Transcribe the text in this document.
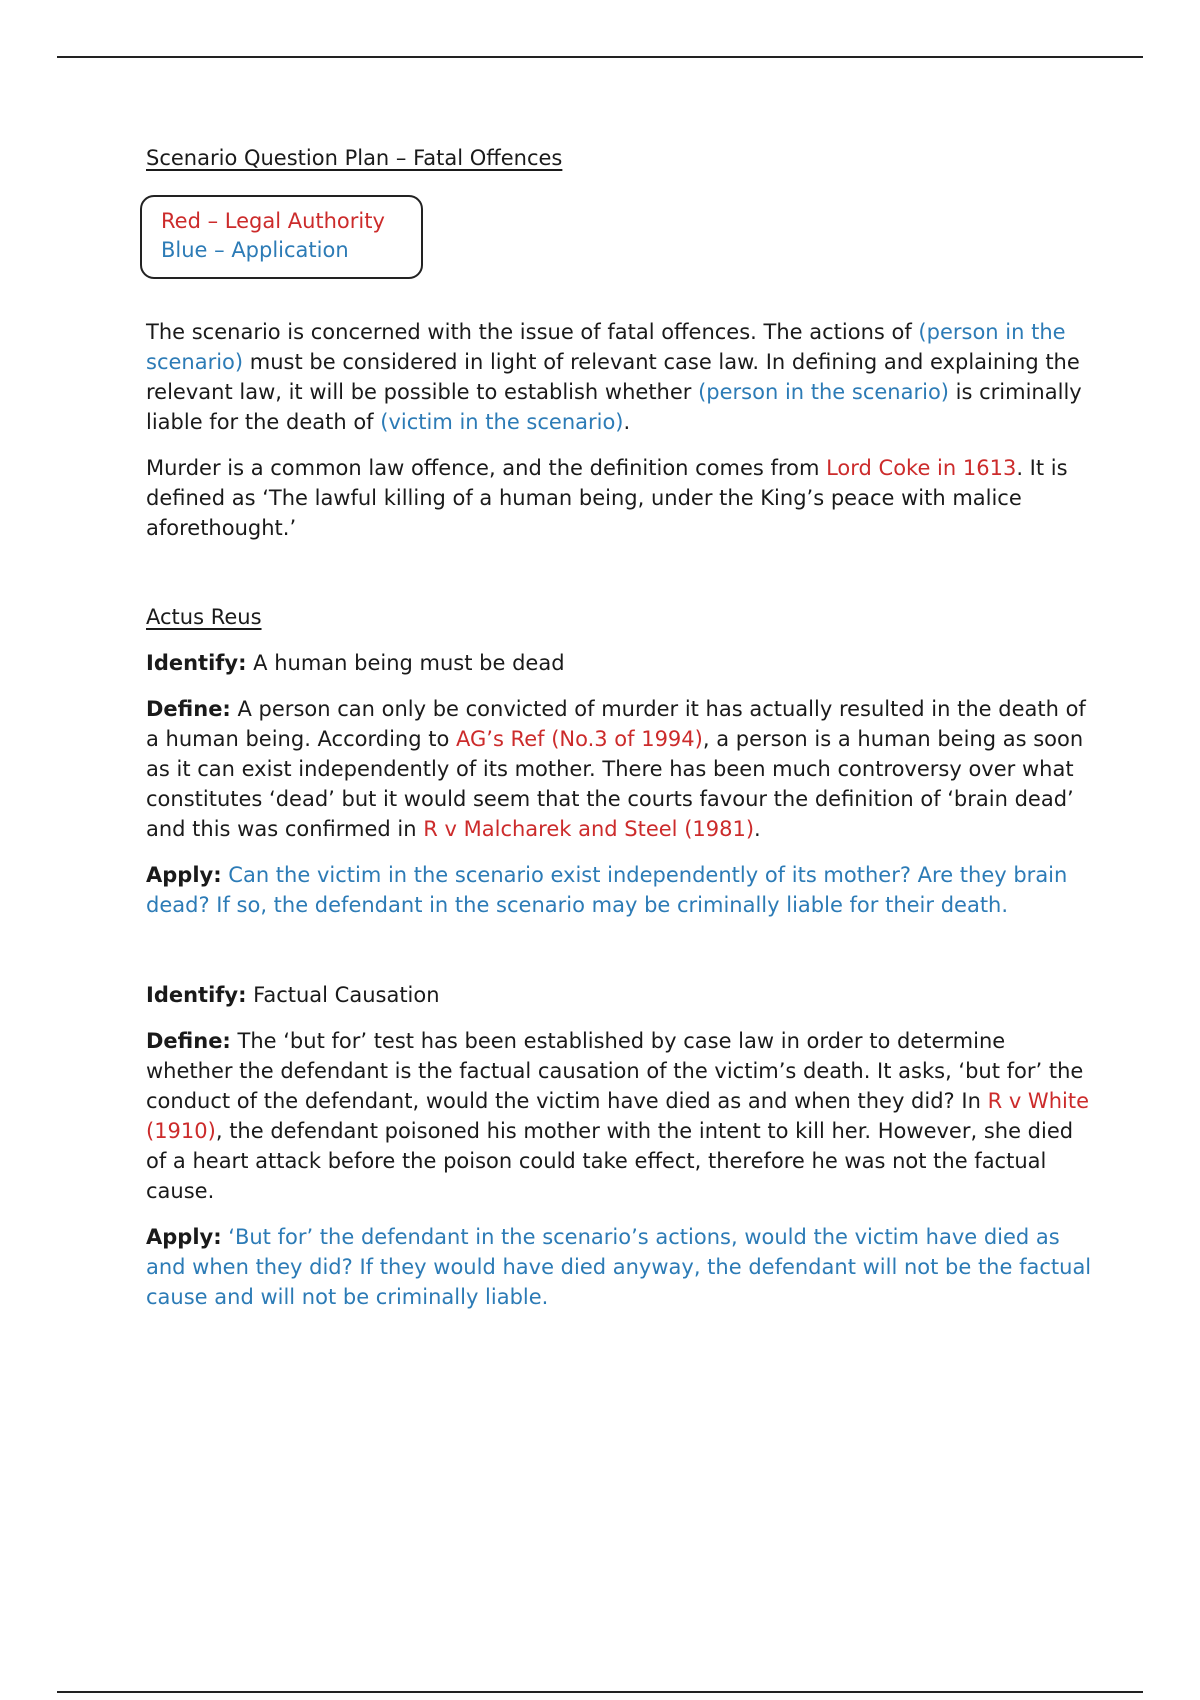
Scenario Question Plan – Fatal Offences
Red – Legal Authority
Blue – Application

The scenario is concerned with the issue of fatal offences. The actions of (person in the scenario) must be considered in light of relevant case law. In defining and explaining the relevant law, it will be possible to establish whether (person in the scenario) is criminally liable for the death of (victim in the scenario).

Murder is a common law offence, and the definition comes from Lord Coke in 1613. It is defined as ‘The lawful killing of a human being, under the King’s peace with malice aforethought.’

Actus Reus

Identify: A human being must be dead

Define: A person can only be convicted of murder it has actually resulted in the death of a human being. According to AG’s Ref (No.3 of 1994), a person is a human being as soon as it can exist independently of its mother. There has been much controversy over what constitutes ‘dead’ but it would seem that the courts favour the definition of ‘brain dead’ and this was confirmed in R v Malcharek and Steel (1981).

Apply: Can the victim in the scenario exist independently of its mother? Are they brain dead? If so, the defendant in the scenario may be criminally liable for their death.

Identify: Factual Causation

Define: The ‘but for’ test has been established by case law in order to determine whether the defendant is the factual causation of the victim’s death. It asks, ‘but for’ the conduct of the defendant, would the victim have died as and when they did? In R v White (1910), the defendant poisoned his mother with the intent to kill her. However, she died of a heart attack before the poison could take effect, therefore he was not the factual cause.

Apply: ‘But for’ the defendant in the scenario’s actions, would the victim have died as and when they did? If they would have died anyway, the defendant will not be the factual cause and will not be criminally liable.
